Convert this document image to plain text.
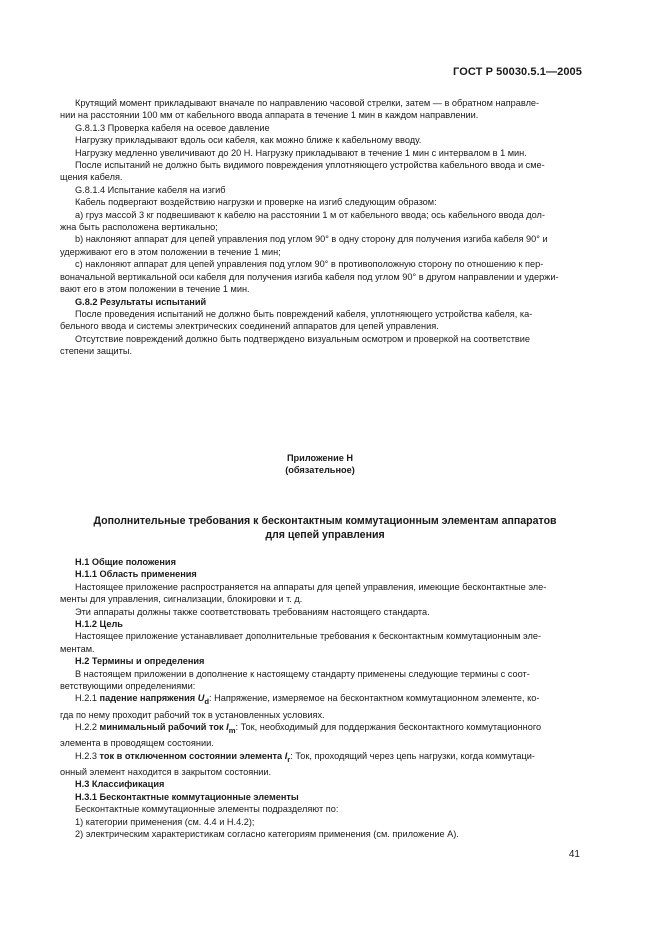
ГОСТ Р 50030.5.1—2005

Крутящий момент прикладывают вначале по направлению часовой стрелки, затем — в обратном направле-

нии на расстоянии 100 мм от кабельного ввода аппарата в течение 1 мин в каждом направлении.

G.8.1.3 Проверка кабеля на осевое давление

Нагрузку прикладывают вдоль оси кабеля, как можно ближе к кабельному вводу.

Нагрузку медленно увеличивают до 20 Н. Нагрузку прикладывают в течение 1 мин с интервалом в 1 мин.

После испытаний не должно быть видимого повреждения уплотняющего устройства кабельного ввода и сме-

щения кабеля.

G.8.1.4 Испытание кабеля на изгиб

Кабель подвергают воздействию нагрузки и проверке на изгиб следующим образом:

a) груз массой 3 кг подвешивают к кабелю на расстоянии 1 м от кабельного ввода; ось кабельного ввода дол-

жна быть расположена вертикально;

b) наклоняют аппарат для цепей управления под углом 90° в одну сторону для получения изгиба кабеля 90° и

удерживают его в этом положении в течение 1 мин;

c) наклоняют аппарат для цепей управления под углом 90° в противоположную сторону по отношению к пер-

воначальной вертикальной оси кабеля для получения изгиба кабеля под углом 90° в другом направлении и удержи-

вают его в этом положении в течение 1 мин.

G.8.2 Результаты испытаний

После проведения испытаний не должно быть повреждений кабеля, уплотняющего устройства кабеля, ка-

бельного ввода и системы электрических соединений аппаратов для цепей управления.

Отсутствие повреждений должно быть подтверждено визуальным осмотром и проверкой на соответствие

степени защиты.

Приложение Н
(обязательное)
Дополнительные требования к бесконтактным коммутационным элементам аппаратов
для цепей управления

Н.1 Общие положения

Н.1.1 Область применения

Настоящее приложение распространяется на аппараты для цепей управления, имеющие бесконтактные эле-

менты для управления, сигнализации, блокировки и т. д.

Эти аппараты должны также соответствовать требованиям настоящего стандарта.

Н.1.2 Цель

Настоящее приложение устанавливает дополнительные требования к бесконтактным коммутационным эле-

ментам.

Н.2 Термины и определения

В настоящем приложении в дополнение к настоящему стандарту применены следующие термины с соот-

ветствующими определениями:

Н.2.1 падение напряжения $U_d$: Напряжение, измеряемое на бесконтактном коммутационном элементе, ко-

гда по нему проходит рабочий ток в установленных условиях.

Н.2.2 минимальный рабочий ток $I_m$: Ток, необходимый для поддержания бесконтактного коммутационного

элемента в проводящем состоянии.

Н.2.3 ток в отключенном состоянии элемента $I_r$: Ток, проходящий через цепь нагрузки, когда коммутаци-

онный элемент находится в закрытом состоянии.

Н.3 Классификация

Н.3.1 Бесконтактные коммутационные элементы

Бесконтактные коммутационные элементы подразделяют по:

1) категории применения (см. 4.4 и Н.4.2);

2) электрическим характеристикам согласно категориям применения (см. приложение А).

41
